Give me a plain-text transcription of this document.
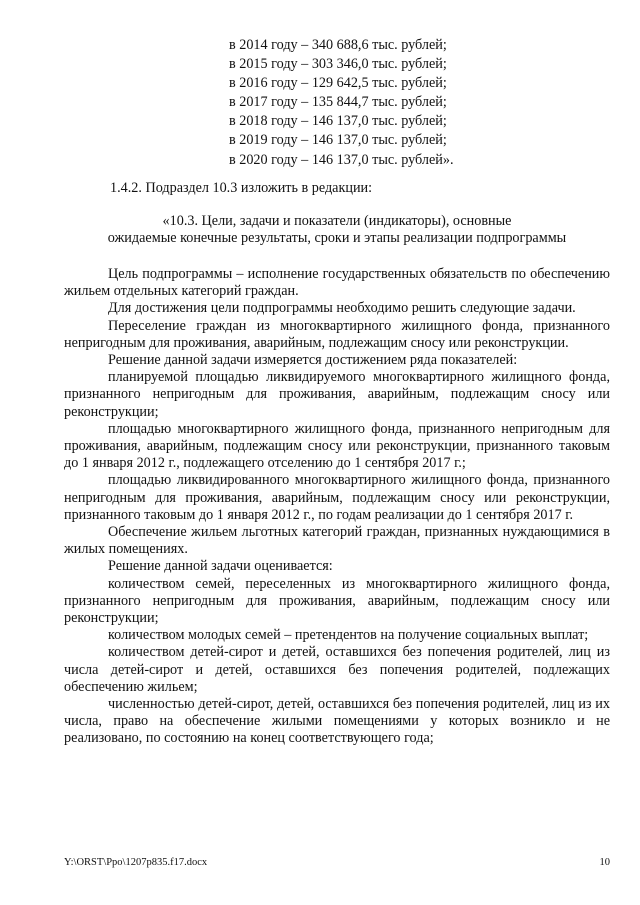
в 2014 году – 340 688,6 тыс. рублей;
в 2015 году – 303 346,0 тыс. рублей;
в 2016 году – 129 642,5 тыс. рублей;
в 2017 году – 135 844,7 тыс. рублей;
в 2018 году – 146 137,0 тыс. рублей;
в 2019 году – 146 137,0 тыс. рублей;
в 2020 году – 146 137,0 тыс. рублей».
1.4.2. Подраздел 10.3 изложить в редакции:
«10.3. Цели, задачи и показатели (индикаторы), основные
ожидаемые конечные результаты, сроки и этапы реализации подпрограммы

Цель подпрограммы – исполнение государственных обязательств по обеспечению жильем отдельных категорий граждан.

Для достижения цели подпрограммы необходимо решить следующие задачи.

Переселение граждан из многоквартирного жилищного фонда, признанного непригодным для проживания, аварийным, подлежащим сносу или реконструкции.

Решение данной задачи измеряется достижением ряда показателей:

планируемой площадью ликвидируемого многоквартирного жилищного фонда, признанного непригодным для проживания, аварийным, подлежащим сносу или реконструкции;

площадью многоквартирного жилищного фонда, признанного непригодным для проживания, аварийным, подлежащим сносу или реконструкции, признанного таковым до 1 января 2012 г., подлежащего отселению до 1 сентября 2017 г.;

площадью ликвидированного многоквартирного жилищного фонда, признанного непригодным для проживания, аварийным, подлежащим сносу или реконструкции, признанного таковым до 1 января 2012 г., по годам реализации до 1 сентября 2017 г.

Обеспечение жильем льготных категорий граждан, признанных нуждающимися в жилых помещениях.

Решение данной задачи оценивается:

количеством семей, переселенных из многоквартирного жилищного фонда, признанного непригодным для проживания, аварийным, подлежащим сносу или реконструкции;

количеством молодых семей – претендентов на получение социальных выплат;

количеством детей-сирот и детей, оставшихся без попечения родителей, лиц из числа детей-сирот и детей, оставшихся без попечения родителей, подлежащих обеспечению жильем;

численностью детей-сирот, детей, оставшихся без попечения родителей, лиц из их числа, право на обеспечение жилыми помещениями у которых возникло и не реализовано, по состоянию на конец соответствующего года;

Y:\ORST\Ppo\1207p835.f17.docx	10
